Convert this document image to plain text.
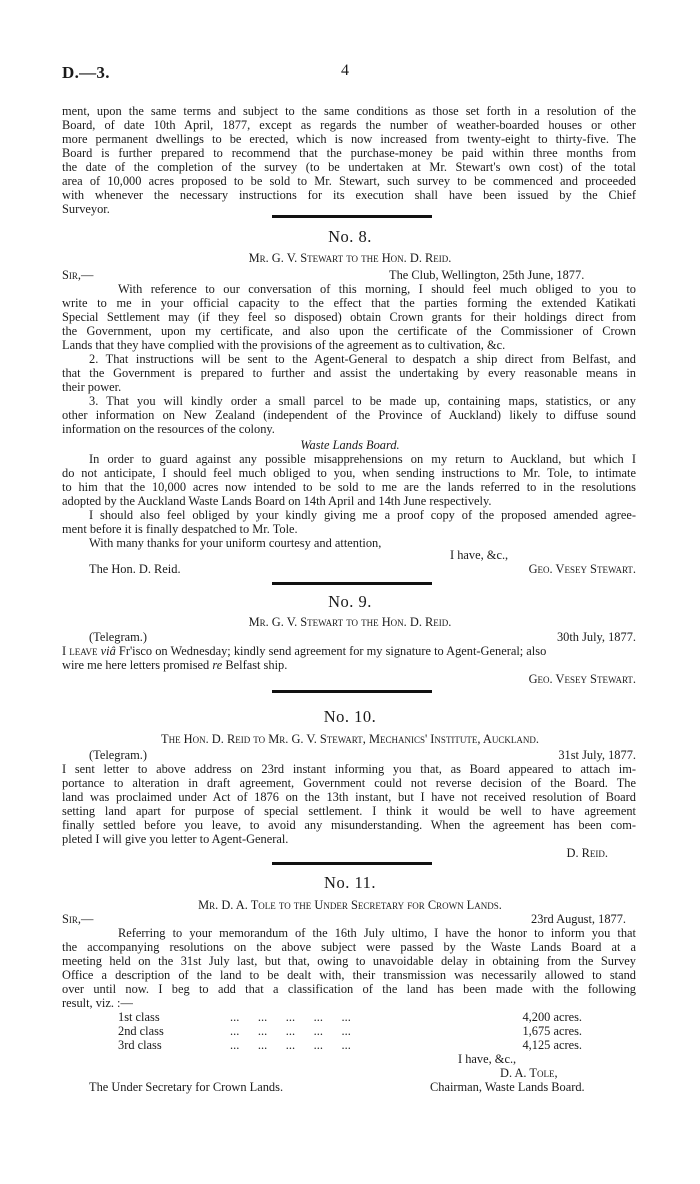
D.—3.	4
ment, upon the same terms and subject to the same conditions as those set forth in a resolution of the
Board, of date 10th April, 1877, except as regards the number of weather-boarded houses or other
more permanent dwellings to be erected, which is now increased from twenty-eight to thirty-five. The
Board is further prepared to recommend that the purchase-money be paid within three months from
the date of the completion of the survey (to be undertaken at Mr. Stewart's own cost) of the total
area of 10,000 acres proposed to be sold to Mr. Stewart, such survey to be commenced and proceeded
with whenever the necessary instructions for its execution shall have been issued by the Chief
Surveyor.
No. 8.
Mr. G. V. Stewart to the Hon. D. Reid.
Sir,—	The Club, Wellington, 25th June, 1877.
With reference to our conversation of this morning, I should feel much obliged to you to
write to me in your official capacity to the effect that the parties forming the extended Katikati
Special Settlement may (if they feel so disposed) obtain Crown grants for their holdings direct from
the Government, upon my certificate, and also upon the certificate of the Commissioner of Crown
Lands that they have complied with the provisions of the agreement as to cultivation, &c.
2. That instructions will be sent to the Agent-General to despatch a ship direct from Belfast, and
that the Government is prepared to further and assist the undertaking by every reasonable means in
their power.
3. That you will kindly order a small parcel to be made up, containing maps, statistics, or any
other information on New Zealand (independent of the Province of Auckland) likely to diffuse sound
information on the resources of the colony.
Waste Lands Board.
In order to guard against any possible misapprehensions on my return to Auckland, but which I
do not anticipate, I should feel much obliged to you, when sending instructions to Mr. Tole, to intimate
to him that the 10,000 acres now intended to be sold to me are the lands referred to in the resolutions
adopted by the Auckland Waste Lands Board on 14th April and 14th June respectively.
I should also feel obliged by your kindly giving me a proof copy of the proposed amended agree-
ment before it is finally despatched to Mr. Tole.
With many thanks for your uniform courtesy and attention,
I have, &c.,
The Hon. D. Reid.	Geo. Vesey Stewart.
No. 9.
Mr. G. V. Stewart to the Hon. D. Reid.
(Telegram.)	30th July, 1877.
I leave viâ Fr'isco on Wednesday; kindly send agreement for my signature to Agent-General; also
wire me here letters promised re Belfast ship.
Geo. Vesey Stewart.
No. 10.
The Hon. D. Reid to Mr. G. V. Stewart, Mechanics' Institute, Auckland.
(Telegram.)	31st July, 1877.
I sent letter to above address on 23rd instant informing you that, as Board appeared to attach im-
portance to alteration in draft agreement, Government could not reverse decision of the Board. The
land was proclaimed under Act of 1876 on the 13th instant, but I have not received resolution of Board
setting land apart for purpose of special settlement. I think it would be well to have agreement
finally settled before you leave, to avoid any misunderstanding. When the agreement has been com-
pleted I will give you letter to Agent-General.
D. Reid.
No. 11.
Mr. D. A. Tole to the Under Secretary for Crown Lands.
Sir,—	23rd August, 1877.
Referring to your memorandum of the 16th July ultimo, I have the honor to inform you that
the accompanying resolutions on the above subject were passed by the Waste Lands Board at a
meeting held on the 31st July last, but that, owing to unavoidable delay in obtaining from the Survey
Office a description of the land to be dealt with, their transmission was necessarily allowed to stand
over until now. I beg to add that a classification of the land has been made with the following
result, viz. :—
1st class	...      ...      ...      ...      ...	4,200 acres.
2nd class	...      ...      ...      ...      ...	1,675 acres.
3rd class	...      ...      ...      ...      ...	4,125 acres.
I have, &c.,
D. A. Tole,
The Under Secretary for Crown Lands.	Chairman, Waste Lands Board.
